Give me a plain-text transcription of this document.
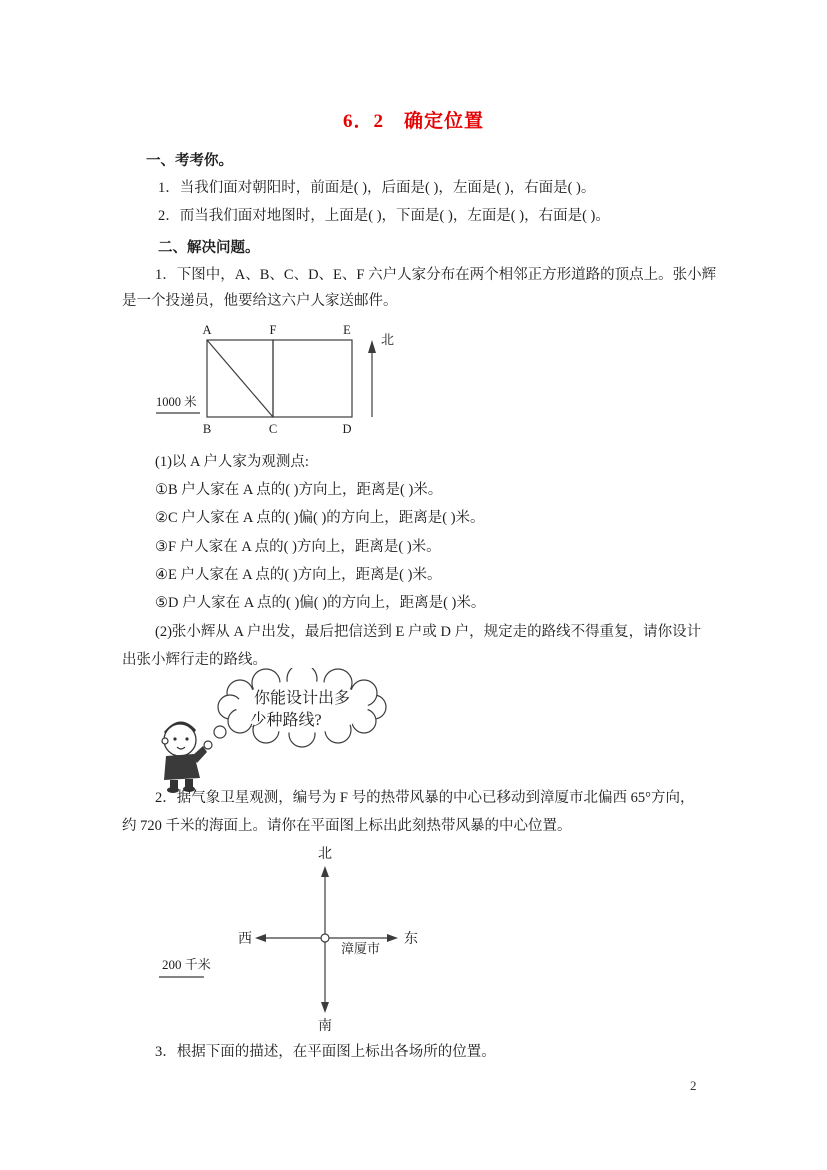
6．2　确定位置
一、考考你。
1．当我们面对朝阳时，前面是( )，后面是( )，左面是( )，右面是( )。
2．而当我们面对地图时，上面是( )，下面是( )，左面是( )，右面是( )。
二、解决问题。
1．下图中，A、B、C、D、E、F 六户人家分布在两个相邻正方形道路的顶点上。张小辉
是一个投递员，他要给这六户人家送邮件。
A	F	E
B	C	D
1000 米
北
(1)以 A 户人家为观测点:
①B 户人家在 A 点的( )方向上，距离是( )米。
②C 户人家在 A 点的( )偏( )的方向上，距离是( )米。
③F 户人家在 A 点的( )方向上，距离是( )米。
④E 户人家在 A 点的( )方向上，距离是( )米。
⑤D 户人家在 A 点的( )偏( )的方向上，距离是( )米。
(2)张小辉从 A 户出发，最后把信送到 E 户或 D 户，规定走的路线不得重复，请你设计
出张小辉行走的路线。
你能设计出多
少种路线?
2．据气象卫星观测，编号为 F 号的热带风暴的中心已移动到漳厦市北偏西 65°方向，
约 720 千米的海面上。请你在平面图上标出此刻热带风暴的中心位置。
北
南
西	东
漳厦市
200 千米
3．根据下面的描述，在平面图上标出各场所的位置。
2
